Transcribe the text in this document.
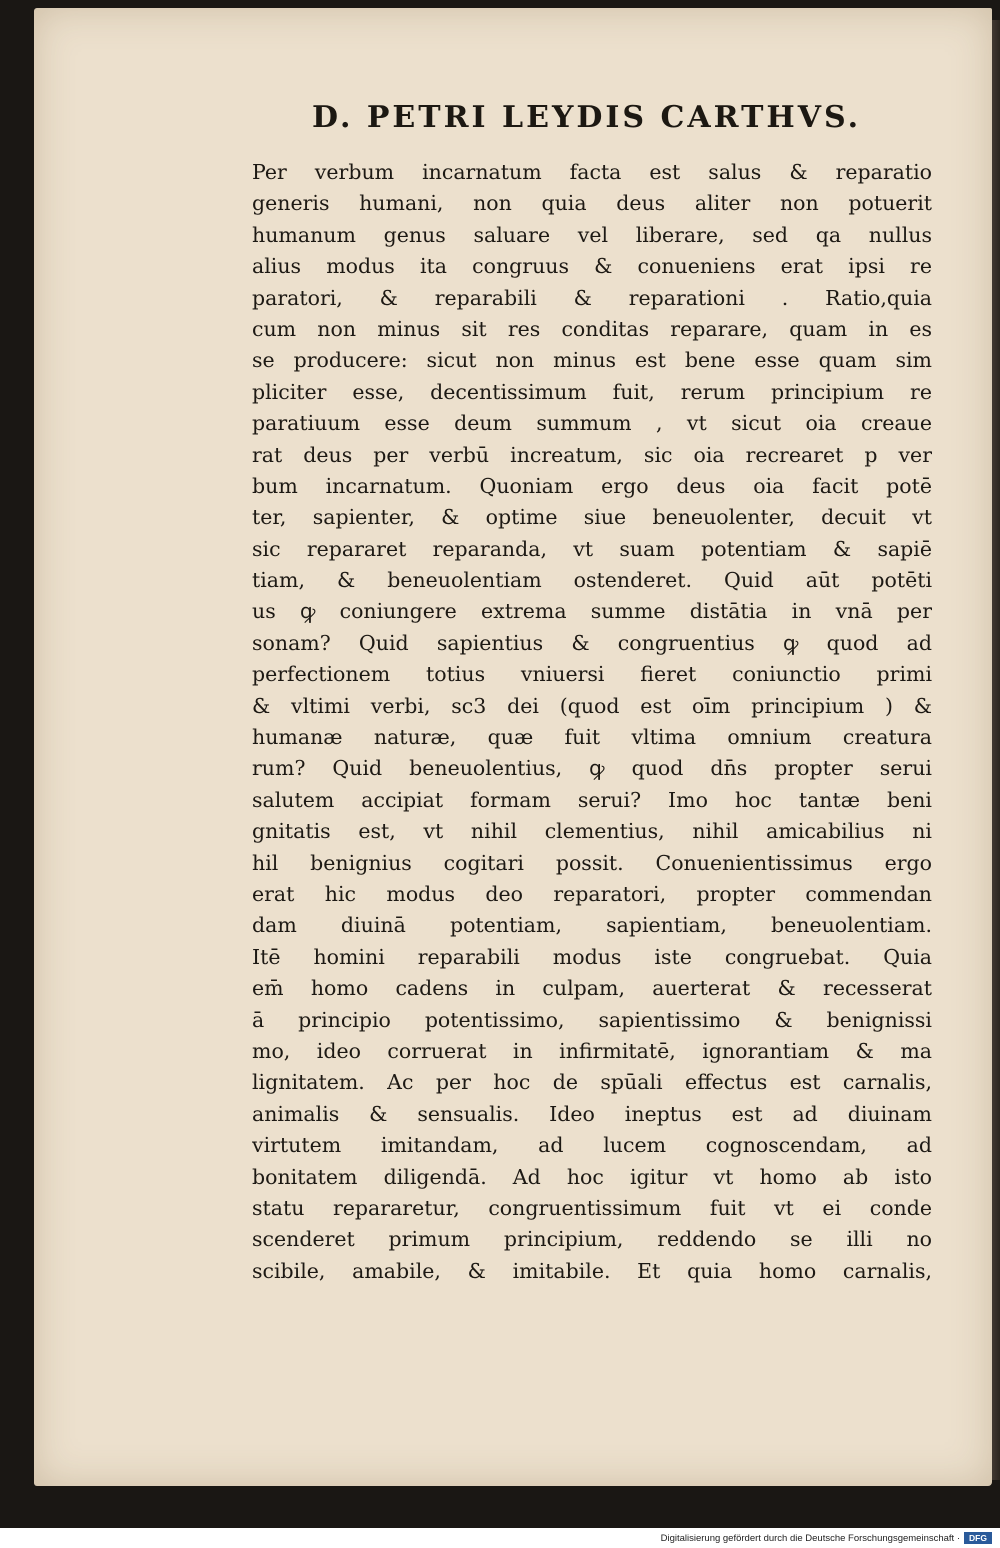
D. PETRI LEYDIS CARTHVS.
Per verbum incarnatum facta est salus & reparatio
generis humani, non quia deus aliter non potuerit
humanum genus saluare vel liberare, sed qa nullus
alius modus ita congruus & conueniens erat ipsi re
paratori, & reparabili & reparationi . Ratio,quia
cum non minus sit res conditas reparare, quam in es
se producere: sicut non minus est bene esse quam sim
pliciter esse, decentissimum fuit, rerum principium re
paratiuum esse deum summum , vt sicut oia creaue
rat deus per verbū increatum, sic oia recrearet p ver
bum incarnatum. Quoniam ergo deus oia facit potē
ter, sapienter, & optime siue beneuolenter, decuit vt
sic repararet reparanda, vt suam potentiam & sapiē
tiam, & beneuolentiam ostenderet. Quid aūt potēti
us ꝙ coniungere extrema summe distātia in vnā per
sonam? Quid sapientius & congruentius ꝙ quod ad
perfectionem totius vniuersi fieret coniunctio primi
& vltimi verbi, sc3 dei (quod est oīm principium ) &
humanæ naturæ, quæ fuit vltima omnium creatura
rum? Quid beneuolentius, ꝙ quod dn̄s propter serui
salutem accipiat formam serui? Imo hoc tantæ beni
gnitatis est, vt nihil clementius, nihil amicabilius ni
hil benignius cogitari possit. Conuenientissimus ergo
erat hic modus deo reparatori, propter commendan
dam diuinā potentiam, sapientiam, beneuolentiam.
Itē homini reparabili modus iste congruebat. Quia
em̄ homo cadens in culpam, auerterat & recesserat
ā principio potentissimo, sapientissimo & benignissi
mo, ideo corruerat in infirmitatē, ignorantiam & ma
lignitatem. Ac per hoc de spūali effectus est carnalis,
animalis & sensualis. Ideo ineptus est ad diuinam
virtutem imitandam, ad lucem cognoscendam, ad
bonitatem diligendā. Ad hoc igitur vt homo ab isto
statu repararetur, congruentissimum fuit vt ei conde
scenderet primum principium, reddendo se illi no
scibile, amabile, & imitabile. Et quia homo carnalis,
Digitalisierung gefördert durch die Deutsche Forschungsgemeinschaft ·	DFG
